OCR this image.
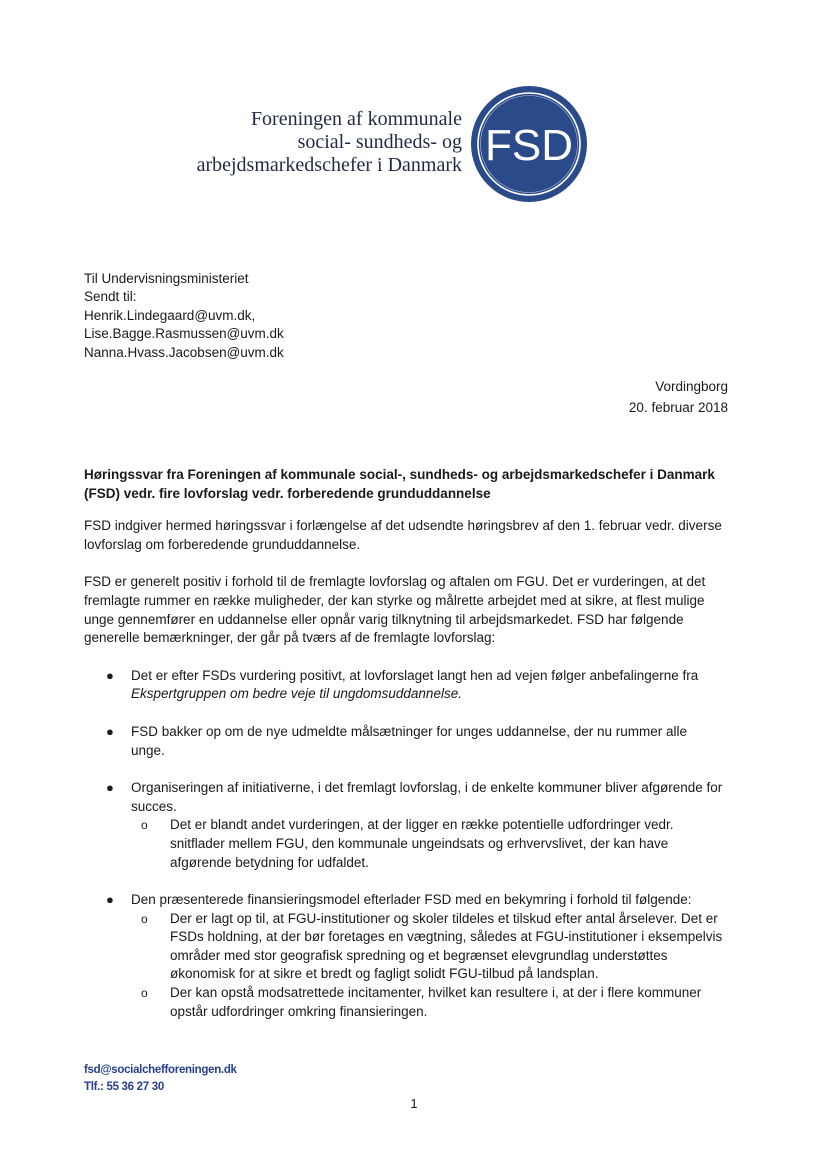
Foreningen af kommunale
social- sundheds- og
arbejdsmarkedschefer i Danmark FSD
Til Undervisningsministeriet
Sendt til:
Henrik.Lindegaard@uvm.dk,
Lise.Bagge.Rasmussen@uvm.dk
Nanna.Hvass.Jacobsen@uvm.dk
Vordingborg
20. februar 2018
Høringssvar fra Foreningen af kommunale social-, sundheds- og arbejdsmarkedschefer i Danmark (FSD) vedr. fire lovforslag vedr. forberedende grunduddannelse
FSD indgiver hermed høringssvar i forlængelse af det udsendte høringsbrev af den 1. februar vedr. diverse lovforslag om forberedende grunduddannelse.
FSD er generelt positiv i forhold til de fremlagte lovforslag og aftalen om FGU. Det er vurderingen, at det fremlagte rummer en række muligheder, der kan styrke og målrette arbejdet med at sikre, at flest mulige unge gennemfører en uddannelse eller opnår varig tilknytning til arbejdsmarkedet. FSD har følgende generelle bemærkninger, der går på tværs af de fremlagte lovforslag:
● Det er efter FSDs vurdering positivt, at lovforslaget langt hen ad vejen følger anbefalingerne fra Ekspertgruppen om bedre veje til ungdomsuddannelse.
● FSD bakker op om de nye udmeldte målsætninger for unges uddannelse, der nu rummer alle unge.
● Organiseringen af initiativerne, i det fremlagt lovforslag, i de enkelte kommuner bliver afgørende for succes.
o Det er blandt andet vurderingen, at der ligger en række potentielle udfordringer vedr. snitflader mellem FGU, den kommunale ungeindsats og erhvervslivet, der kan have afgørende betydning for udfaldet.
● Den præsenterede finansieringsmodel efterlader FSD med en bekymring i forhold til følgende:
o Der er lagt op til, at FGU-institutioner og skoler tildeles et tilskud efter antal årselever. Det er FSDs holdning, at der bør foretages en vægtning, således at FGU-institutioner i eksempelvis områder med stor geografisk spredning og et begrænset elevgrundlag understøttes økonomisk for at sikre et bredt og fagligt solidt FGU-tilbud på landsplan.
o Der kan opstå modsatrettede incitamenter, hvilket kan resultere i, at der i flere kommuner opstår udfordringer omkring finansieringen.
fsd@socialchefforeningen.dk
Tlf.: 55 36 27 30
1
